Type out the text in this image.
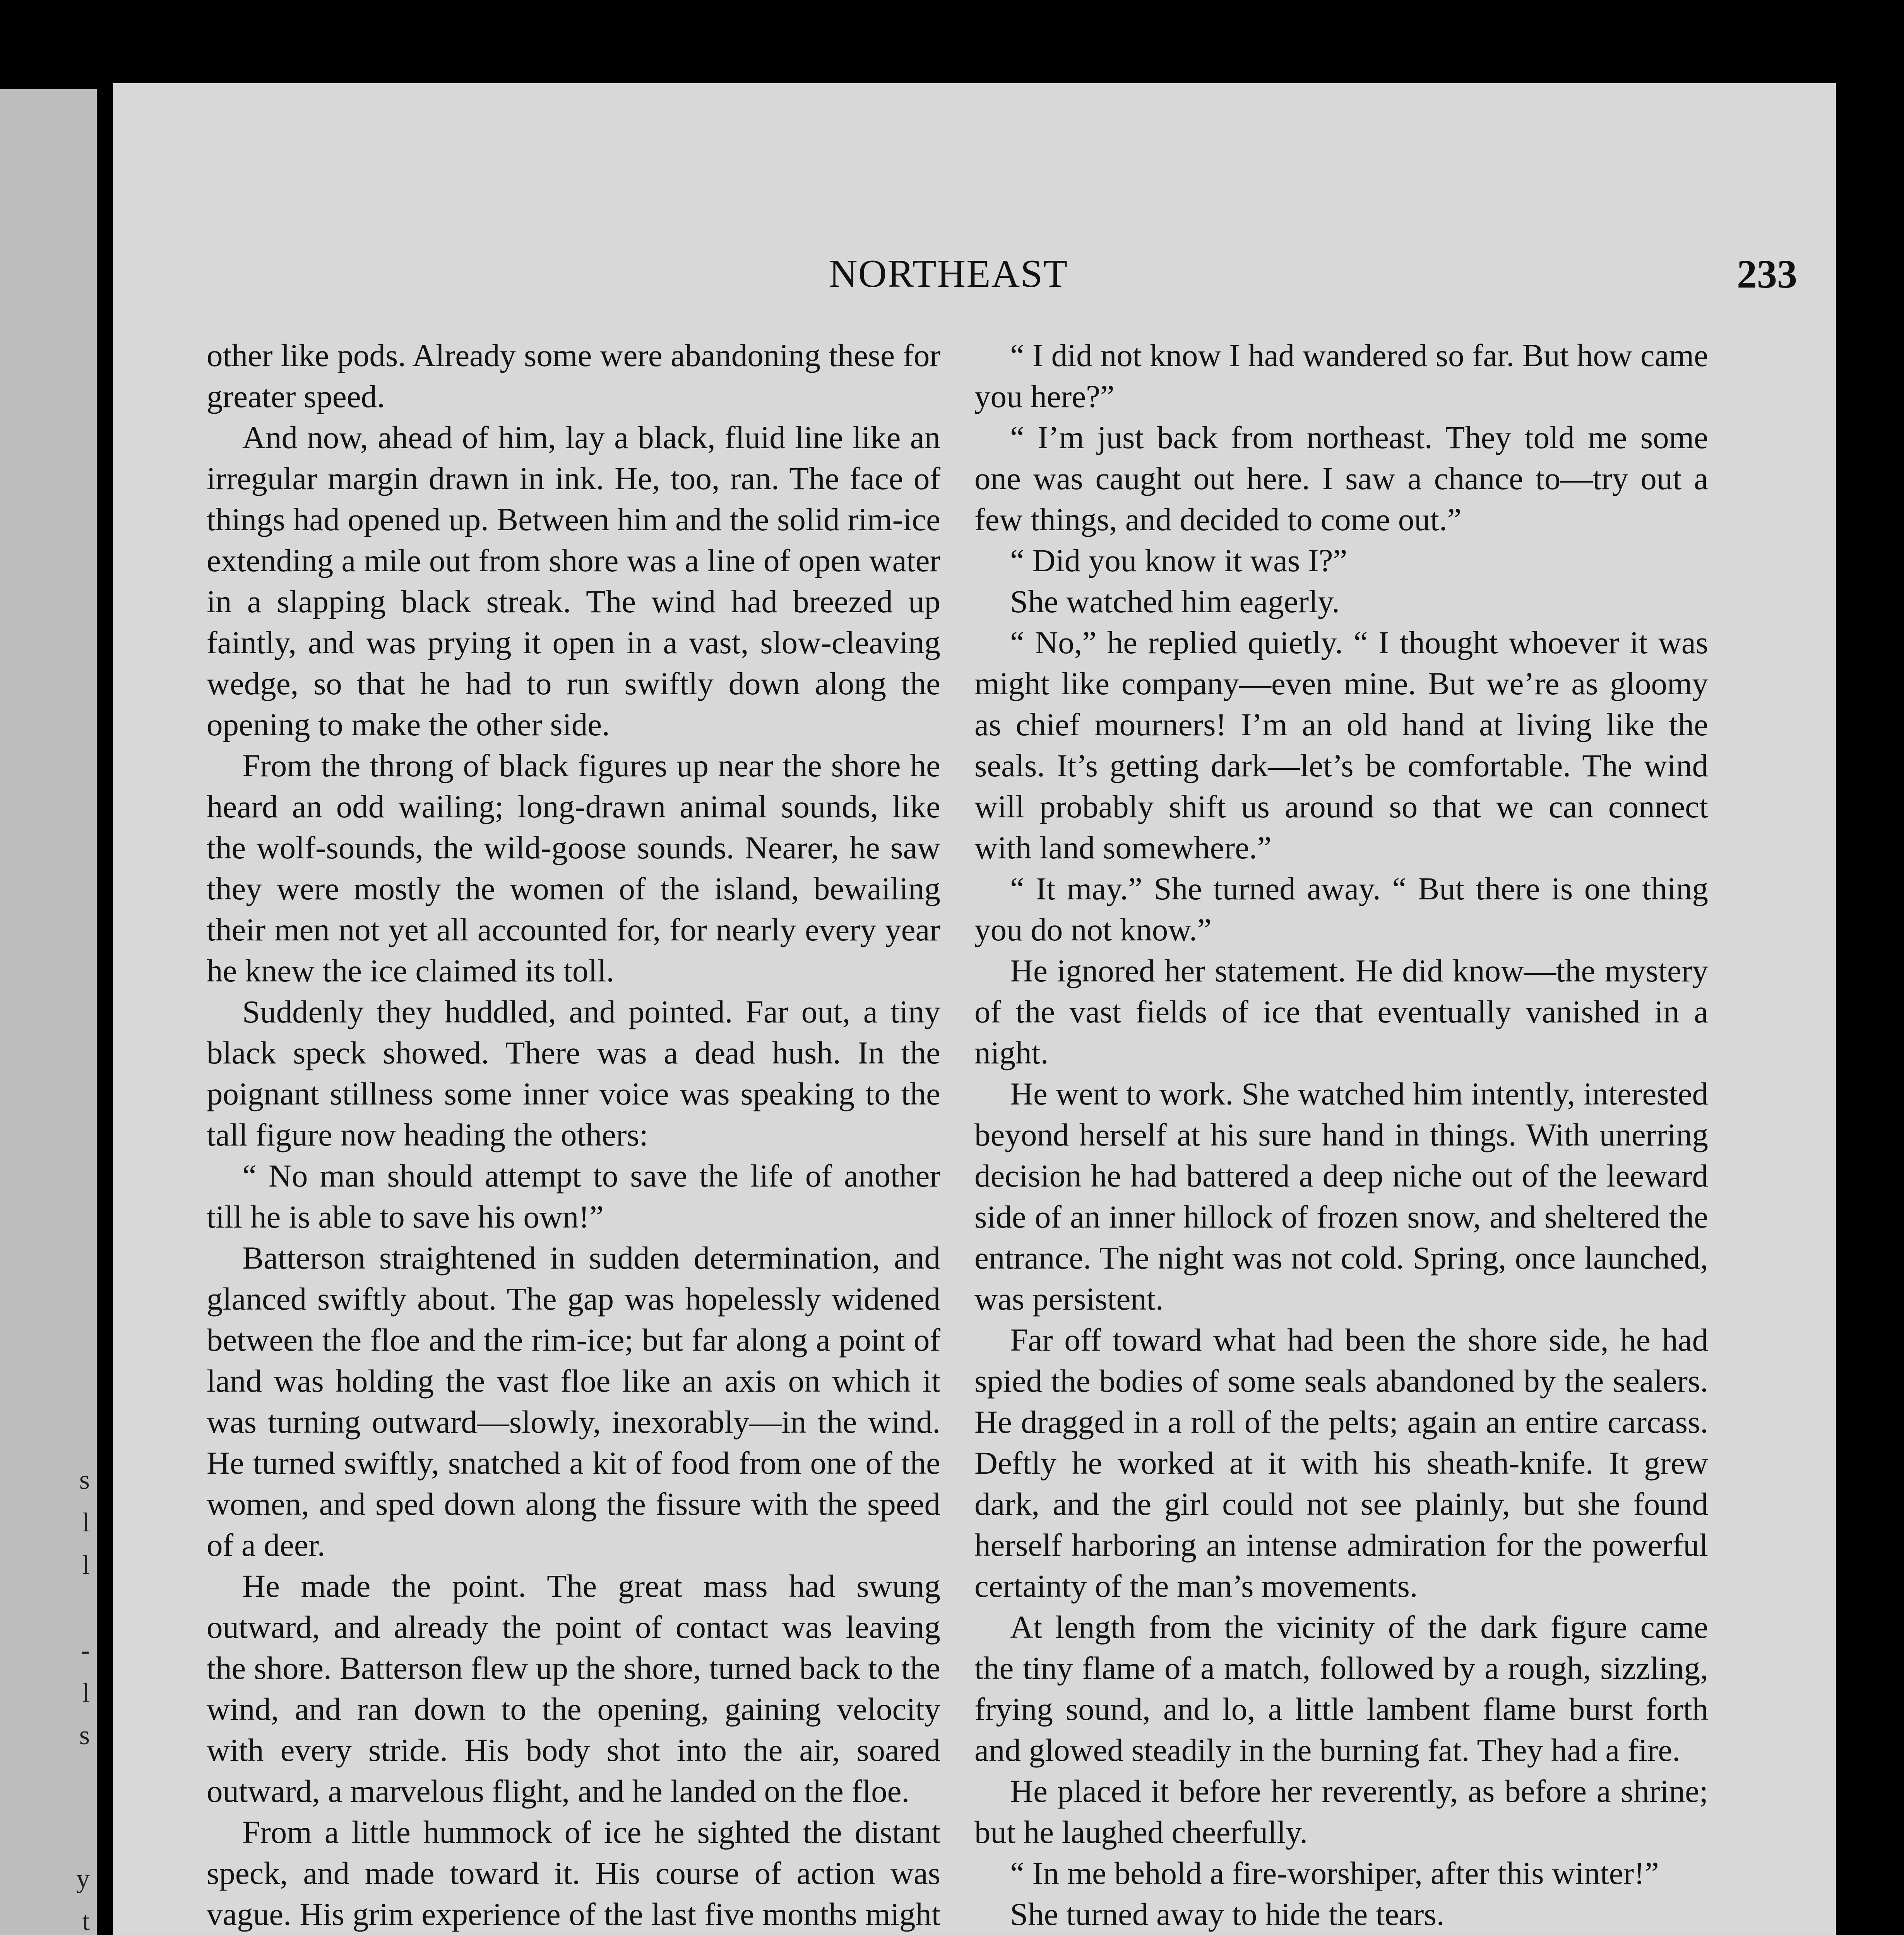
s
l
l
-
l
s
y
t
NORTHEAST	233

other like pods. Already some were abandoning these for greater speed.

And now, ahead of him, lay a black, fluid line like an irregular margin drawn in ink. He, too, ran. The face of things had opened up. Between him and the solid rim-ice extending a mile out from shore was a line of open water in a slapping black streak. The wind had breezed up faintly, and was prying it open in a vast, slow-cleaving wedge, so that he had to run swiftly down along the opening to make the other side.

From the throng of black figures up near the shore he heard an odd wailing; long-drawn animal sounds, like the wolf-sounds, the wild-goose sounds. Nearer, he saw they were mostly the women of the island, bewailing their men not yet all accounted for, for nearly every year he knew the ice claimed its toll.

Suddenly they huddled, and pointed. Far out, a tiny black speck showed. There was a dead hush. In the poignant stillness some inner voice was speaking to the tall figure now heading the others:

“ No man should attempt to save the life of another till he is able to save his own!”

Batterson straightened in sudden determination, and glanced swiftly about. The gap was hopelessly widened between the floe and the rim-ice; but far along a point of land was holding the vast floe like an axis on which it was turning outward—slowly, inexorably—in the wind. He turned swiftly, snatched a kit of food from one of the women, and sped down along the fissure with the speed of a deer.

He made the point. The great mass had swung outward, and already the point of contact was leaving the shore. Batterson flew up the shore, turned back to the wind, and ran down to the opening, gaining velocity with every stride. His body shot into the air, soared outward, a marvelous flight, and he landed on the floe.

From a little hummock of ice he sighted the distant speck, and made toward it. His course of action was vague. His grim experience of the last five months might

“ I did not know I had wandered so far. But how came you here?”

“ I’m just back from northeast. They told me some one was caught out here. I saw a chance to—try out a few things, and decided to come out.”

“ Did you know it was I?”

She watched him eagerly.

“ No,” he replied quietly. “ I thought whoever it was might like company—even mine. But we’re as gloomy as chief mourners! I’m an old hand at living like the seals. It’s getting dark—let’s be comfortable. The wind will probably shift us around so that we can connect with land somewhere.”

“ It may.” She turned away. “ But there is one thing you do not know.”

He ignored her statement. He did know—the mystery of the vast fields of ice that eventually vanished in a night.

He went to work. She watched him intently, interested beyond herself at his sure hand in things. With unerring decision he had battered a deep niche out of the leeward side of an inner hillock of frozen snow, and sheltered the entrance. The night was not cold. Spring, once launched, was persistent.

Far off toward what had been the shore side, he had spied the bodies of some seals abandoned by the sealers. He dragged in a roll of the pelts; again an entire carcass. Deftly he worked at it with his sheath-knife. It grew dark, and the girl could not see plainly, but she found herself harboring an intense admiration for the powerful certainty of the man’s movements.

At length from the vicinity of the dark figure came the tiny flame of a match, followed by a rough, sizzling, frying sound, and lo, a little lambent flame burst forth and glowed steadily in the burning fat. They had a fire.

He placed it before her reverently, as before a shrine; but he laughed cheerfully.

“ In me behold a fire-worshiper, after this winter!”

She turned away to hide the tears.
